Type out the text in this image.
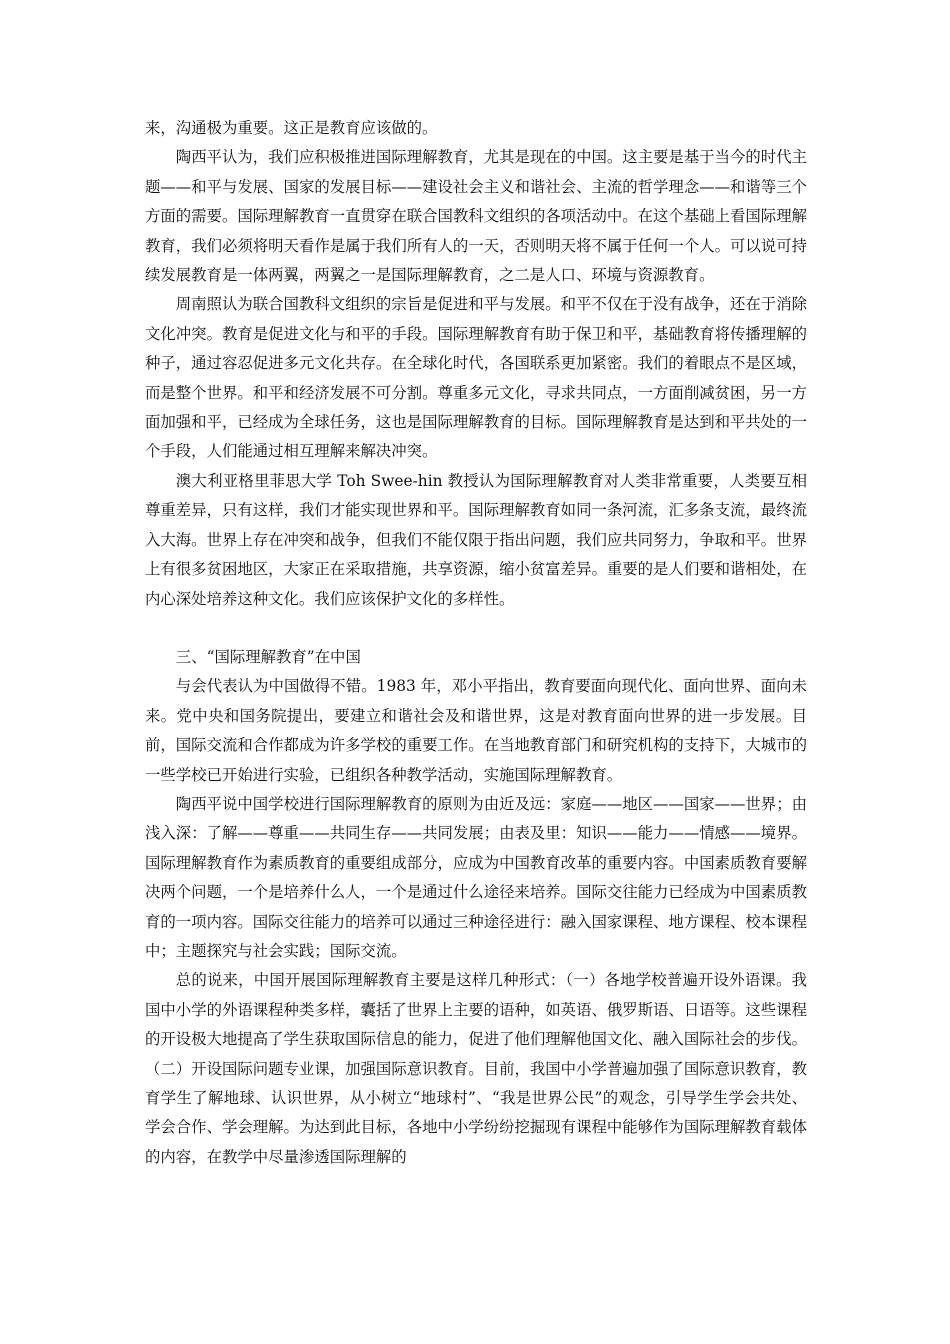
来，沟通极为重要。这正是教育应该做的。

陶西平认为，我们应积极推进国际理解教育，尤其是现在的中国。这主要是基于当今的时代主题——和平与发展、国家的发展目标——建设社会主义和谐社会、主流的哲学理念——和谐等三个方面的需要。国际理解教育一直贯穿在联合国教科文组织的各项活动中。在这个基础上看国际理解教育，我们必须将明天看作是属于我们所有人的一天，否则明天将不属于任何一个人。可以说可持续发展教育是一体两翼，两翼之一是国际理解教育，之二是人口、环境与资源教育。

周南照认为联合国教科文组织的宗旨是促进和平与发展。和平不仅在于没有战争，还在于消除文化冲突。教育是促进文化与和平的手段。国际理解教育有助于保卫和平，基础教育将传播理解的种子，通过容忍促进多元文化共存。在全球化时代，各国联系更加紧密。我们的着眼点不是区域，而是整个世界。和平和经济发展不可分割。尊重多元文化，寻求共同点，一方面削减贫困，另一方面加强和平，已经成为全球任务，这也是国际理解教育的目标。国际理解教育是达到和平共处的一个手段，人们能通过相互理解来解决冲突。

澳大利亚格里菲思大学 Toh Swee-hin 教授认为国际理解教育对人类非常重要，人类要互相尊重差异，只有这样，我们才能实现世界和平。国际理解教育如同一条河流，汇多条支流，最终流入大海。世界上存在冲突和战争，但我们不能仅限于指出问题，我们应共同努力，争取和平。世界上有很多贫困地区，大家正在采取措施，共享资源，缩小贫富差异。重要的是人们要和谐相处，在内心深处培养这种文化。我们应该保护文化的多样性。

三、“国际理解教育”在中国

与会代表认为中国做得不错。1983 年，邓小平指出，教育要面向现代化、面向世界、面向未来。党中央和国务院提出，要建立和谐社会及和谐世界，这是对教育面向世界的进一步发展。目前，国际交流和合作都成为许多学校的重要工作。在当地教育部门和研究机构的支持下，大城市的一些学校已开始进行实验，已组织各种教学活动，实施国际理解教育。

陶西平说中国学校进行国际理解教育的原则为由近及远：家庭——地区——国家——世界；由浅入深：了解——尊重——共同生存——共同发展；由表及里：知识——能力——情感——境界。国际理解教育作为素质教育的重要组成部分，应成为中国教育改革的重要内容。中国素质教育要解决两个问题，一个是培养什么人，一个是通过什么途径来培养。国际交往能力已经成为中国素质教育的一项内容。国际交往能力的培养可以通过三种途径进行：融入国家课程、地方课程、校本课程中；主题探究与社会实践；国际交流。

总的说来，中国开展国际理解教育主要是这样几种形式：（一）各地学校普遍开设外语课。我国中小学的外语课程种类多样，囊括了世界上主要的语种，如英语、俄罗斯语、日语等。这些课程的开设极大地提高了学生获取国际信息的能力，促进了他们理解他国文化、融入国际社会的步伐。（二）开设国际问题专业课，加强国际意识教育。目前，我国中小学普遍加强了国际意识教育，教育学生了解地球、认识世界，从小树立“地球村”、“我是世界公民”的观念，引导学生学会共处、学会合作、学会理解。为达到此目标，各地中小学纷纷挖掘现有课程中能够作为国际理解教育载体的内容，在教学中尽量渗透国际理解的
